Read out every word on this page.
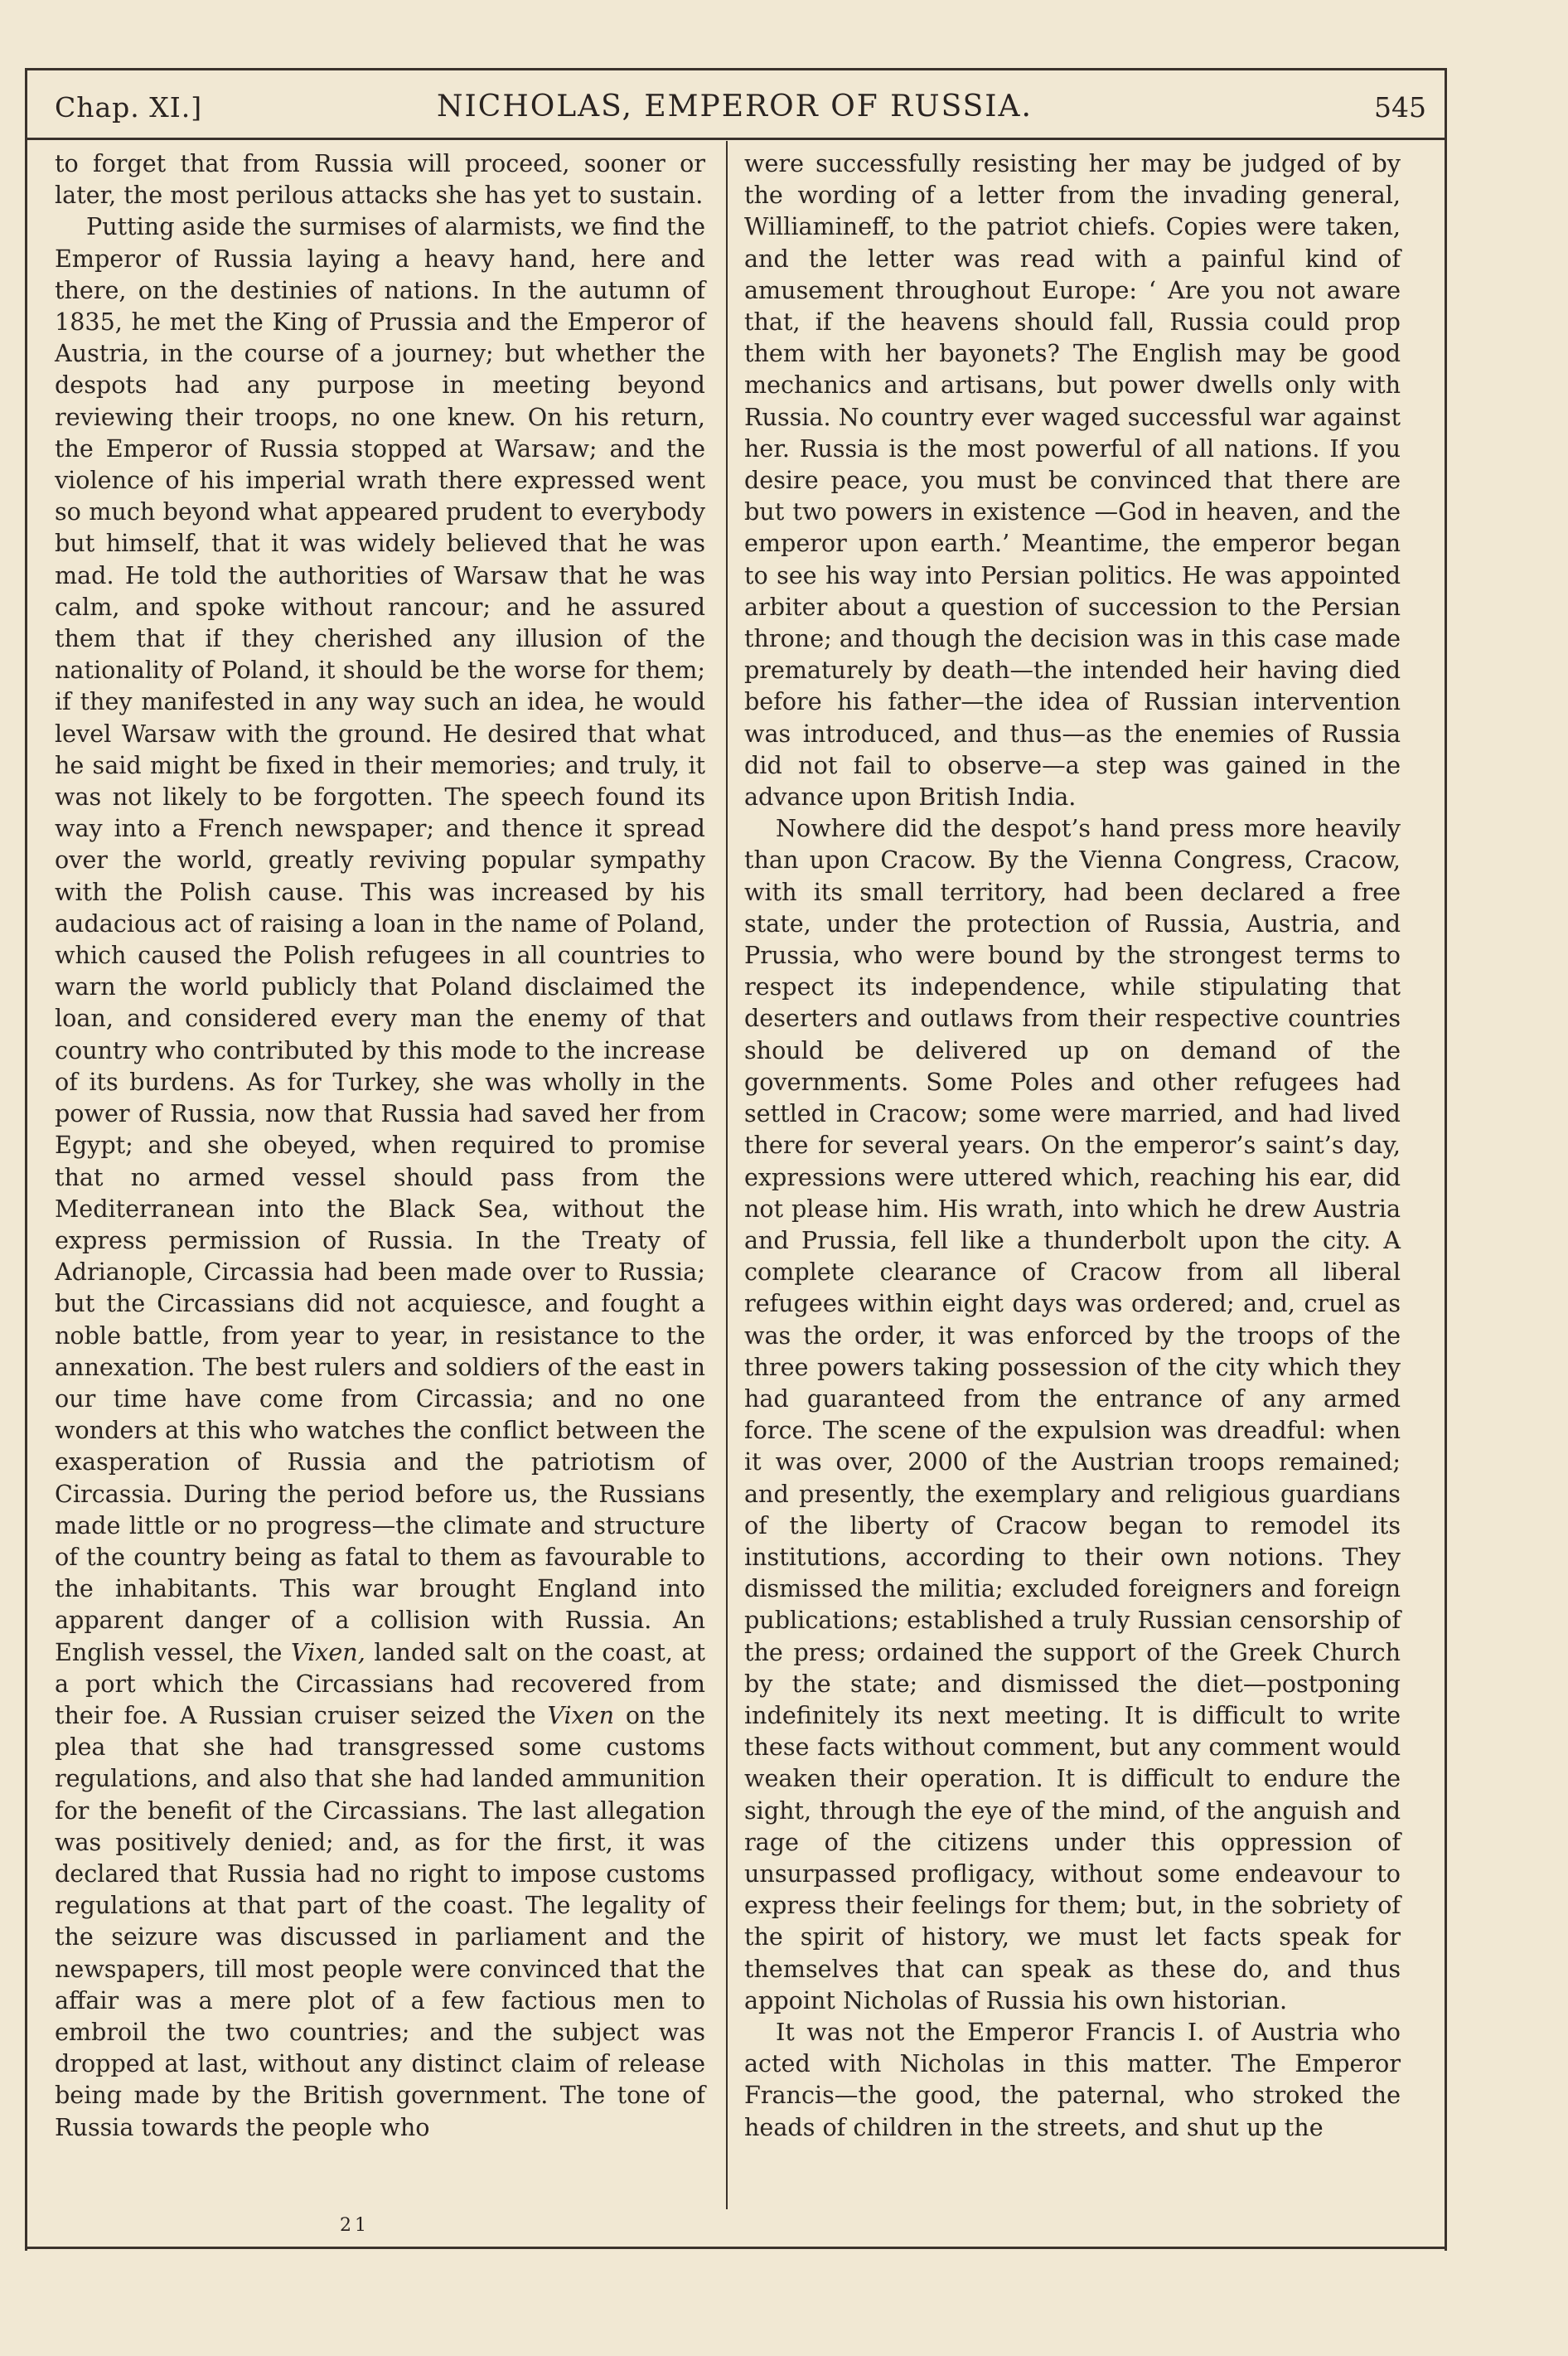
Chap. XI.]	NICHOLAS, EMPEROR OF RUSSIA.	545

to forget that from Russia will proceed, sooner or later, the most perilous attacks she has yet to sustain.

Putting aside the surmises of alarmists, we find the Emperor of Russia laying a heavy hand, here and there, on the destinies of nations. In the autumn of 1835, he met the King of Prussia and the Emperor of Austria, in the course of a journey; but whether the despots had any purpose in meeting beyond reviewing their troops, no one knew. On his return, the Emperor of Russia stopped at Warsaw; and the violence of his imperial wrath there expressed went so much beyond what appeared prudent to everybody but himself, that it was widely believed that he was mad. He told the authorities of Warsaw that he was calm, and spoke without rancour; and he assured them that if they cherished any illusion of the nationality of Poland, it should be the worse for them; if they manifested in any way such an idea, he would level Warsaw with the ground. He desired that what he said might be fixed in their memories; and truly, it was not likely to be forgotten. The speech found its way into a French newspaper; and thence it spread over the world, greatly reviving popular sympathy with the Polish cause. This was increased by his audacious act of raising a loan in the name of Poland, which caused the Polish refugees in all countries to warn the world publicly that Poland disclaimed the loan, and considered every man the enemy of that country who contributed by this mode to the increase of its burdens. As for Turkey, she was wholly in the power of Russia, now that Russia had saved her from Egypt; and she obeyed, when required to promise that no armed vessel should pass from the Mediterranean into the Black Sea, without the express permission of Russia. In the Treaty of Adrianople, Circassia had been made over to Russia; but the Circassians did not acquiesce, and fought a noble battle, from year to year, in resistance to the annexation. The best rulers and soldiers of the east in our time have come from Circassia; and no one wonders at this who watches the conflict between the exasperation of Russia and the patriotism of Circassia. During the period before us, the Russians made little or no progress—the climate and structure of the country being as fatal to them as favourable to the inhabitants. This war brought England into apparent danger of a collision with Russia. An English vessel, the Vixen, landed salt on the coast, at a port which the Circassians had recovered from their foe. A Russian cruiser seized the Vixen on the plea that she had transgressed some customs regulations, and also that she had landed ammunition for the benefit of the Circassians. The last allegation was positively denied; and, as for the first, it was declared that Russia had no right to impose customs regulations at that part of the coast. The legality of the seizure was discussed in parliament and the newspapers, till most people were convinced that the affair was a mere plot of a few factious men to embroil the two countries; and the subject was dropped at last, without any distinct claim of release being made by the British government. The tone of Russia towards the people who

were successfully resisting her may be judged of by the wording of a letter from the invading general, Williamineff, to the patriot chiefs. Copies were taken, and the letter was read with a painful kind of amusement throughout Europe: ‘ Are you not aware that, if the heavens should fall, Russia could prop them with her bayonets? The English may be good mechanics and artisans, but power dwells only with Russia. No country ever waged successful war against her. Russia is the most powerful of all nations. If you desire peace, you must be convinced that there are but two powers in existence —God in heaven, and the emperor upon earth.’ Meantime, the emperor began to see his way into Persian politics. He was appointed arbiter about a question of succession to the Persian throne; and though the decision was in this case made prematurely by death—the intended heir having died before his father—the idea of Russian intervention was introduced, and thus—as the enemies of Russia did not fail to observe—a step was gained in the advance upon British India.

Nowhere did the despot’s hand press more heavily than upon Cracow. By the Vienna Congress, Cracow, with its small territory, had been declared a free state, under the protection of Russia, Austria, and Prussia, who were bound by the strongest terms to respect its independence, while stipulating that deserters and outlaws from their respective countries should be delivered up on demand of the governments. Some Poles and other refugees had settled in Cracow; some were married, and had lived there for several years. On the emperor’s saint’s day, expressions were uttered which, reaching his ear, did not please him. His wrath, into which he drew Austria and Prussia, fell like a thunderbolt upon the city. A complete clearance of Cracow from all liberal refugees within eight days was ordered; and, cruel as was the order, it was enforced by the troops of the three powers taking possession of the city which they had guaranteed from the entrance of any armed force. The scene of the expulsion was dreadful: when it was over, 2000 of the Austrian troops remained; and presently, the exemplary and religious guardians of the liberty of Cracow began to remodel its institutions, according to their own notions. They dismissed the militia; excluded foreigners and foreign publications; established a truly Russian censorship of the press; ordained the support of the Greek Church by the state; and dismissed the diet—postponing indefinitely its next meeting. It is difficult to write these facts without comment, but any comment would weaken their operation. It is difficult to endure the sight, through the eye of the mind, of the anguish and rage of the citizens under this oppression of unsurpassed profligacy, without some endeavour to express their feelings for them; but, in the sobriety of the spirit of history, we must let facts speak for themselves that can speak as these do, and thus appoint Nicholas of Russia his own historian.

It was not the Emperor Francis I. of Austria who acted with Nicholas in this matter. The Emperor Francis—the good, the paternal, who stroked the heads of children in the streets, and shut up the

21
